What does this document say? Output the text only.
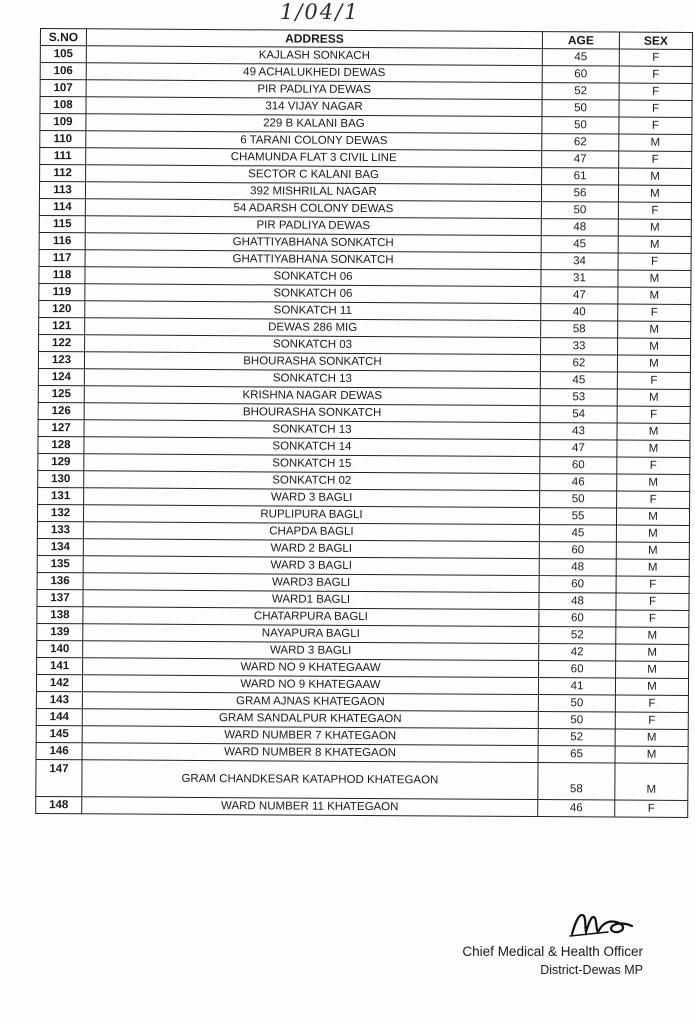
1/04/1
S.NO	ADDRESS	AGE	SEX
105	KAJLASH SONKACH	45	F
106	49 ACHALUKHEDI DEWAS	60	F
107	PIR PADLIYA DEWAS	52	F
108	314 VIJAY NAGAR	50	F
109	229 B KALANI BAG	50	F
110	6 TARANI COLONY DEWAS	62	M
111	CHAMUNDA FLAT 3 CIVIL LINE	47	F
112	SECTOR C KALANI BAG	61	M
113	392 MISHRILAL NAGAR	56	M
114	54 ADARSH COLONY DEWAS	50	F
115	PIR PADLIYA DEWAS	48	M
116	GHATTIYABHANA SONKATCH	45	M
117	GHATTIYABHANA SONKATCH	34	F
118	SONKATCH 06	31	M
119	SONKATCH 06	47	M
120	SONKATCH 11	40	F
121	DEWAS 286 MIG	58	M
122	SONKATCH 03	33	M
123	BHOURASHA SONKATCH	62	M
124	SONKATCH 13	45	F
125	KRISHNA NAGAR DEWAS	53	M
126	BHOURASHA SONKATCH	54	F
127	SONKATCH 13	43	M
128	SONKATCH 14	47	M
129	SONKATCH 15	60	F
130	SONKATCH 02	46	M
131	WARD 3 BAGLI	50	F
132	RUPLIPURA BAGLI	55	M
133	CHAPDA BAGLI	45	M
134	WARD 2 BAGLI	60	M
135	WARD 3 BAGLI	48	M
136	WARD3 BAGLI	60	F
137	WARD1 BAGLI	48	F
138	CHATARPURA BAGLI	60	F
139	NAYAPURA BAGLI	52	M
140	WARD 3 BAGLI	42	M
141	WARD NO 9 KHATEGAAW	60	M
142	WARD NO 9 KHATEGAAW	41	M
143	GRAM AJNAS KHATEGAON	50	F
144	GRAM SANDALPUR KHATEGAON	50	F
145	WARD NUMBER 7 KHATEGAON	52	M
146	WARD NUMBER 8 KHATEGAON	65	M
147	GRAM CHANDKESAR KATAPHOD KHATEGAON	58	M
148	WARD NUMBER 11 KHATEGAON	46	F
Chief Medical & Health Officer
District-Dewas MP
